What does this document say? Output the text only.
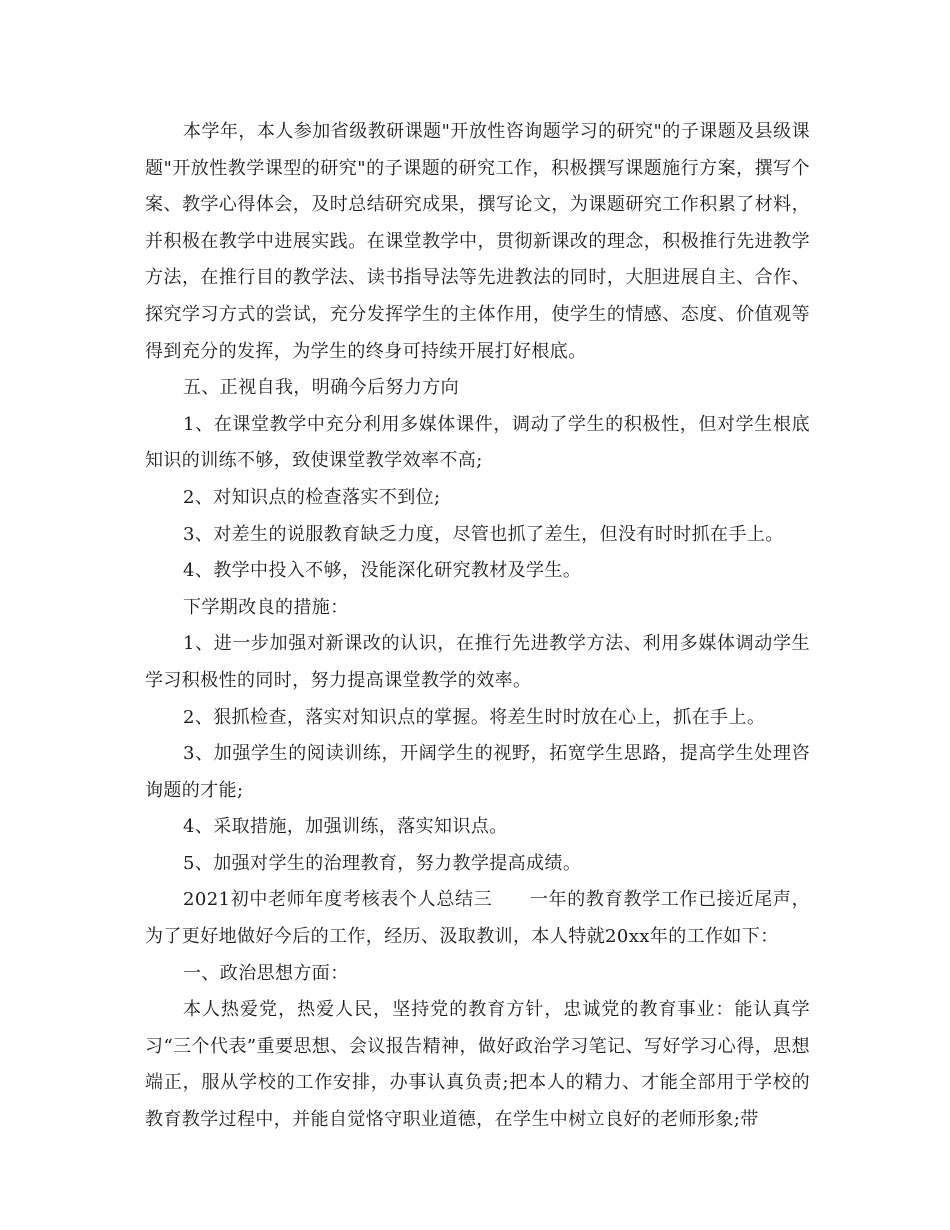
本学年，本人参加省级教研课题"开放性咨询题学习的研究"的子课题及县级课题"开放性教学课型的研究"的子课题的研究工作，积极撰写课题施行方案，撰写个案、教学心得体会，及时总结研究成果，撰写论文，为课题研究工作积累了材料，并积极在教学中进展实践。在课堂教学中，贯彻新课改的理念，积极推行先进教学方法，在推行目的教学法、读书指导法等先进教法的同时，大胆进展自主、合作、探究学习方式的尝试，充分发挥学生的主体作用，使学生的情感、态度、价值观等得到充分的发挥，为学生的终身可持续开展打好根底。

五、正视自我，明确今后努力方向

1、在课堂教学中充分利用多媒体课件，调动了学生的积极性，但对学生根底知识的训练不够，致使课堂教学效率不高;

2、对知识点的检查落实不到位;

3、对差生的说服教育缺乏力度，尽管也抓了差生，但没有时时抓在手上。

4、教学中投入不够，没能深化研究教材及学生。

下学期改良的措施：

1、进一步加强对新课改的认识，在推行先进教学方法、利用多媒体调动学生学习积极性的同时，努力提高课堂教学的效率。

2、狠抓检查，落实对知识点的掌握。将差生时时放在心上，抓在手上。

3、加强学生的阅读训练，开阔学生的视野，拓宽学生思路，提高学生处理咨询题的才能;

4、采取措施，加强训练，落实知识点。

5、加强对学生的治理教育，努力教学提高成绩。

2021初中老师年度考核表个人总结三　　一年的教育教学工作已接近尾声，为了更好地做好今后的工作，经历、汲取教训，本人特就20xx年的工作如下：

一、政治思想方面：

本人热爱党，热爱人民，坚持党的教育方针，忠诚党的教育事业：能认真学习“三个代表”重要思想、会议报告精神，做好政治学习笔记、写好学习心得，思想端正，服从学校的工作安排，办事认真负责;把本人的精力、才能全部用于学校的教育教学过程中，并能自觉恪守职业道德，在学生中树立良好的老师形象;带
